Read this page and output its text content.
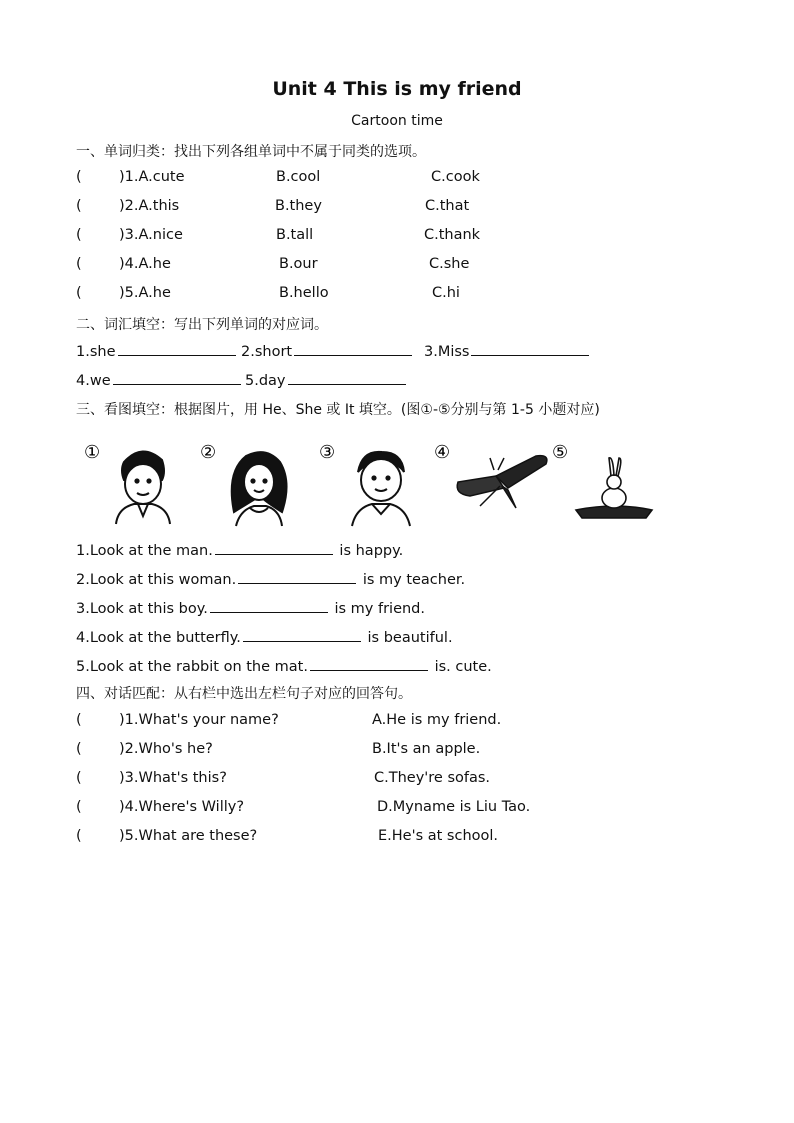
Unit 4 This is my friend
Cartoon time
一、单词归类：找出下列各组单词中不属于同类的选项。
(	)1.A.cute	B.cool	C.cook
(	)2.A.this	B.they	C.that
(	)3.A.nice	B.tall	C.thank
(	)4.A.he	B.our	C.she
(	)5.A.he	B.hello	C.hi
二、词汇填空：写出下列单词的对应词。
1.she	2.short	3.Miss
4.we	5.day
三、看图填空：根据图片，用 He、She 或 It 填空。(图①-⑤分别与第 1-5 小题对应)
①	②	③	④	⑤
1.Look at the man.	is happy.
2.Look at this woman.	is my teacher.
3.Look at this boy.	is my friend.
4.Look at the butterfly.	is beautiful.
5.Look at the rabbit on the mat.	is. cute.
四、对话匹配：从右栏中选出左栏句子对应的回答句。
(	)1.What's your name?	A.He is my friend.
(	)2.Who's he?	B.It's an apple.
(	)3.What's this?	C.They're sofas.
(	)4.Where's Willy?	D.Myname is Liu Tao.
(	)5.What are these?	E.He's at school.
